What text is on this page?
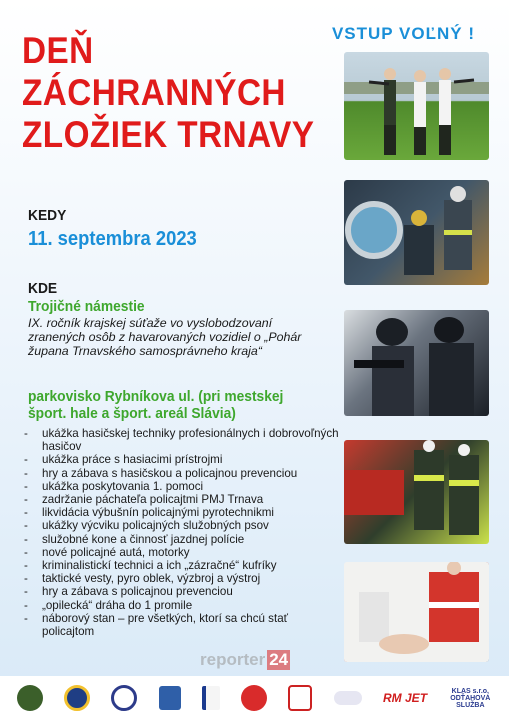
DEŇ
ZÁCHRANNÝCH
ZLOŽIEK TRNAVY
VSTUP VOĽNÝ !
KEDY
11. septembra 2023
KDE
Trojičné námestie
IX. ročník krajskej súťaže vo vyslobodzovaní zranených osôb z havarovaných vozidiel o „Pohár župana Trnavského samosprávneho kraja“
parkovisko Rybníkova ul. (pri mestskej šport. hale a šport. areál Slávia)
- ukážka hasičskej techniky profesionálnych i dobrovoľných hasičov
- ukážka práce s hasiacimi prístrojmi
- hry a zábava s hasičskou a policajnou prevenciou
- ukážka poskytovania 1. pomoci
- zadržanie páchateľa policajtmi PMJ Trnava
- likvidácia výbušnín policajnými pyrotechnikmi
- ukážky výcviku policajných služobných psov
- služobné kone a činnosť jazdnej polície
- nové policajné autá, motorky
- kriminalistickí technici a ich „zázračné“ kufríky
- taktické vesty, pyro oblek, výzbroj a výstroj
- hry a zábava s policajnou prevenciou
- „opilecká“ dráha do 1 promile
- náborový stan – pre všetkých, ktorí sa chcú stať policajtom
reporter 24
RM JET	KLAS s.r.o. ODŤAHOVÁ SLUŽBA
